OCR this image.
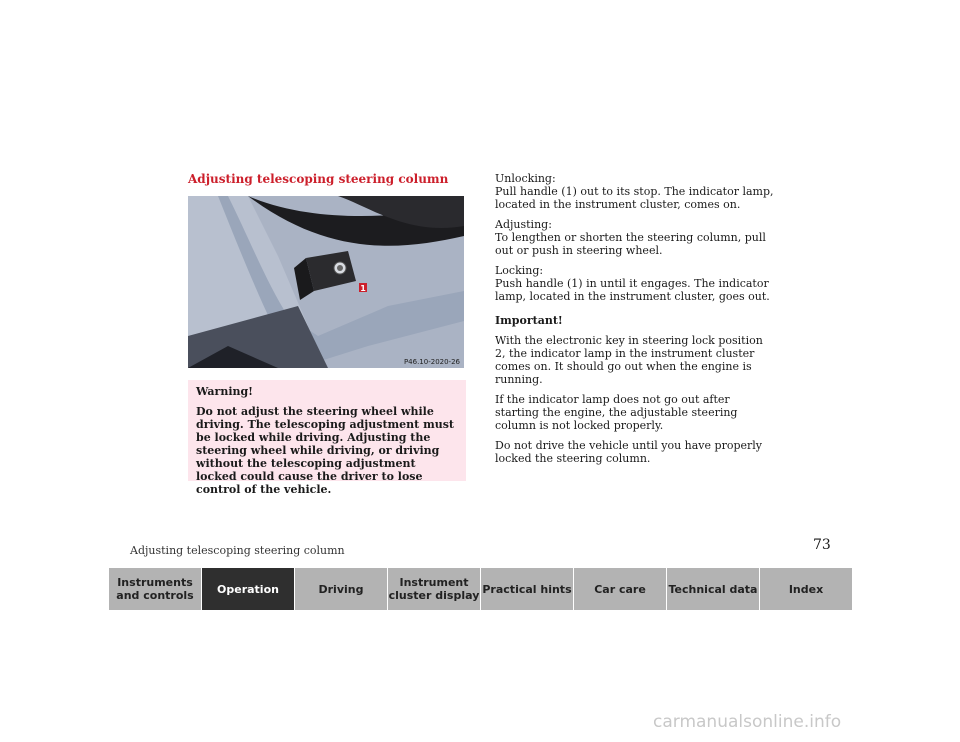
Adjusting telescoping steering column
1
P46.10-2020-26
Warning!
Do not adjust the steering wheel while driving. The telescoping adjustment must be locked while driving. Adjusting the steering wheel while driving, or driving without the telescoping adjustment locked could cause the driver to lose control of the vehicle.

Unlocking:
Pull handle (1) out to its stop. The indicator lamp, located in the instrument cluster, comes on.

Adjusting:
To lengthen or shorten the steering column, pull out or push in steering wheel.

Locking:
Push handle (1) in until it engages. The indicator lamp, located in the instrument cluster, goes out.

Important!

With the electronic key in steering lock position 2, the indicator lamp in the instrument cluster comes on. It should go out when the engine is running.

If the indicator lamp does not go out after starting the engine, the adjustable steering column is not locked properly.

Do not drive the vehicle until you have properly locked the steering column.

Adjusting telescoping steering column	73
Instruments and controls	Operation	Driving	Instrument cluster display Practical hints	Car care	Technical data	Index
carmanualsonline.info
